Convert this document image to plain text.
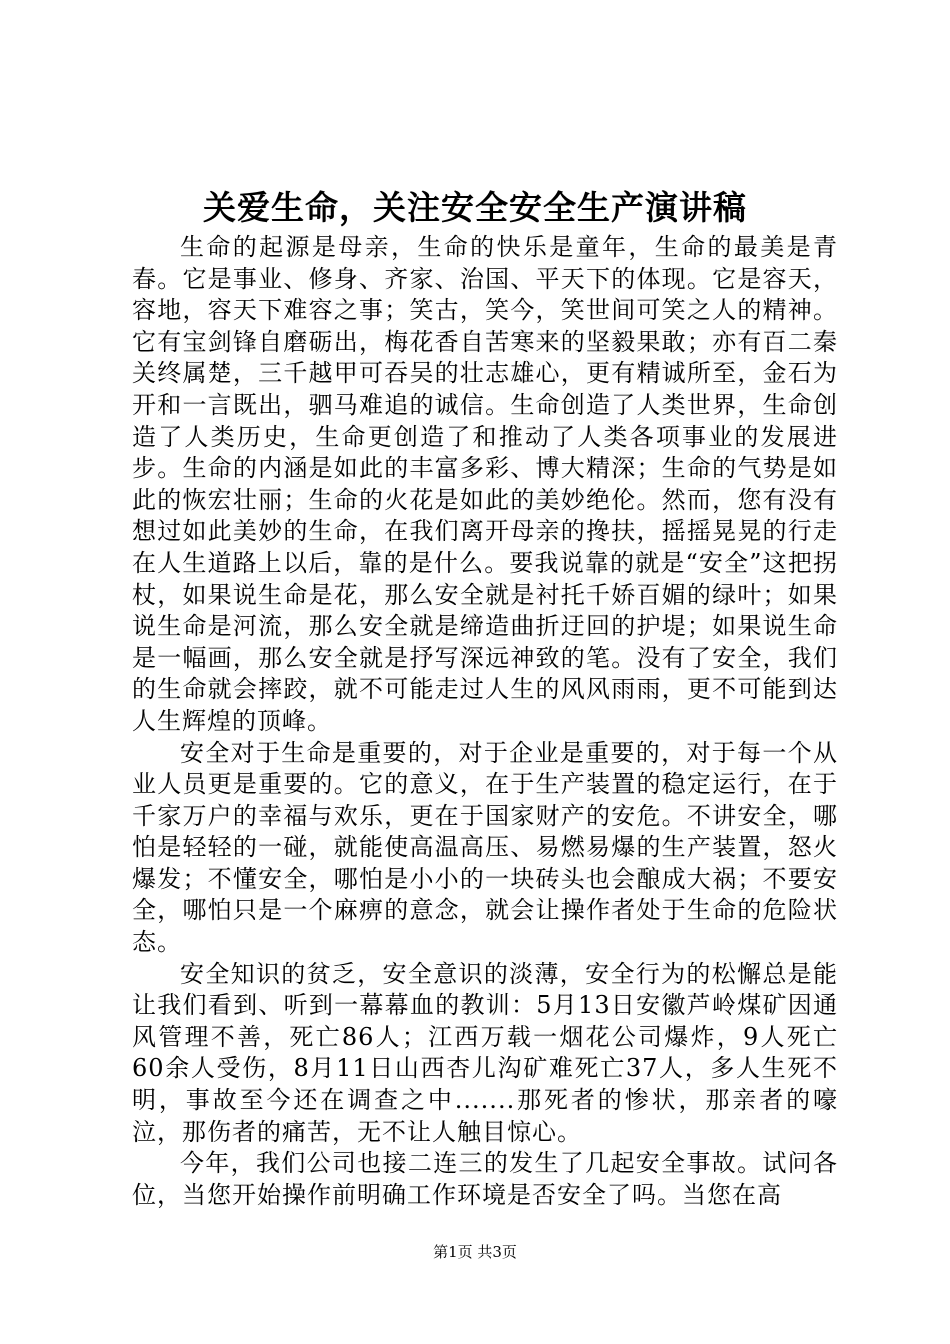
关爱生命，关注安全安全生产演讲稿

生命的起源是母亲，生命的快乐是童年，生命的最美是青春。它是事业、修身、齐家、治国、平天下的体现。它是容天，容地，容天下难容之事；笑古，笑今，笑世间可笑之人的精神。它有宝剑锋自磨砺出，梅花香自苦寒来的坚毅果敢；亦有百二秦关终属楚，三千越甲可吞吴的壮志雄心，更有精诚所至，金石为开和一言既出，驷马难追的诚信。生命创造了人类世界，生命创造了人类历史，生命更创造了和推动了人类各项事业的发展进步。生命的内涵是如此的丰富多彩、博大精深；生命的气势是如此的恢宏壮丽；生命的火花是如此的美妙绝伦。然而，您有没有想过如此美妙的生命，在我们离开母亲的搀扶，摇摇晃晃的行走在人生道路上以后，靠的是什么。要我说靠的就是“安全”这把拐杖，如果说生命是花，那么安全就是衬托千娇百媚的绿叶；如果说生命是河流，那么安全就是缔造曲折迂回的护堤；如果说生命是一幅画，那么安全就是抒写深远神致的笔。没有了安全，我们的生命就会摔跤，就不可能走过人生的风风雨雨，更不可能到达人生辉煌的顶峰。

安全对于生命是重要的，对于企业是重要的，对于每一个从业人员更是重要的。它的意义，在于生产装置的稳定运行，在于千家万户的幸福与欢乐，更在于国家财产的安危。不讲安全，哪怕是轻轻的一碰，就能使高温高压、易燃易爆的生产装置，怒火爆发；不懂安全，哪怕是小小的一块砖头也会酿成大祸；不要安全，哪怕只是一个麻痹的意念，就会让操作者处于生命的危险状态。

安全知识的贫乏，安全意识的淡薄，安全行为的松懈总是能让我们看到、听到一幕幕血的教训：5月13日安徽芦岭煤矿因通风管理不善，死亡86人；江西万载一烟花公司爆炸，9人死亡60余人受伤，8月11日山西杏儿沟矿难死亡37人，多人生死不明，事故至今还在调查之中.......那死者的惨状，那亲者的嚎泣，那伤者的痛苦，无不让人触目惊心。

今年，我们公司也接二连三的发生了几起安全事故。试问各位，当您开始操作前明确工作环境是否安全了吗。当您在高

第1页 共3页
